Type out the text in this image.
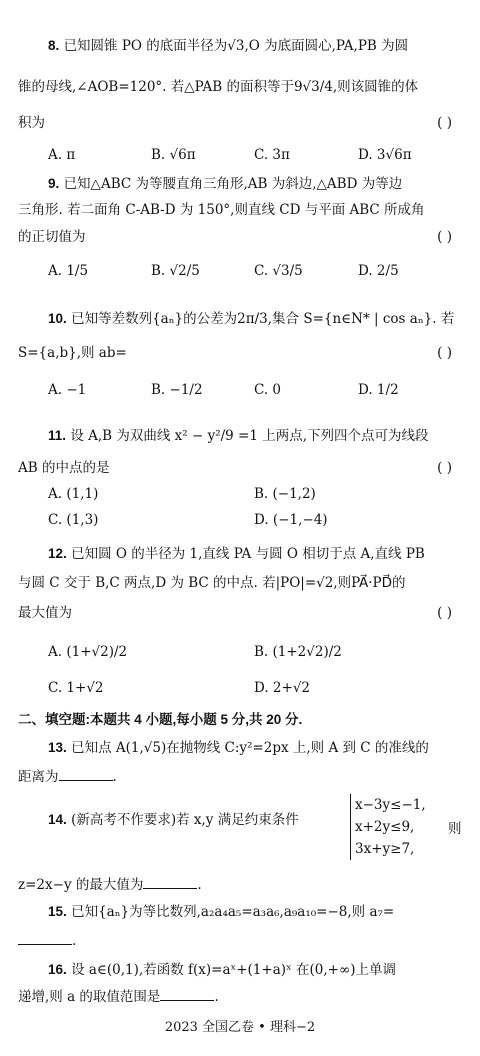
8. 已知圆锥 PO 的底面半径为√3,O 为底面圆心,PA,PB 为圆
锥的母线,∠AOB=120°. 若△PAB 的面积等于9√3/4,则该圆锥的体
积为	( )
A. π	B. √6π	C. 3π	D. 3√6π
9. 已知△ABC 为等腰直角三角形,AB 为斜边,△ABD 为等边
三角形. 若二面角 C-AB-D 为 150°,则直线 CD 与平面 ABC 所成角
的正切值为	( )
A. 1/5	B. √2/5	C. √3/5	D. 2/5
10. 已知等差数列{aₙ}的公差为2π/3,集合 S={n∈N* | cos aₙ}. 若
S={a,b},则 ab=	( )
A. −1	B. −1/2	C. 0	D. 1/2
11. 设 A,B 为双曲线 x² − y²/9 =1 上两点,下列四个点可为线段
AB 的中点的是	( )
A. (1,1)	B. (−1,2)
C. (1,3)	D. (−1,−4)
12. 已知圆 O 的半径为 1,直线 PA 与圆 O 相切于点 A,直线 PB
与圆 C 交于 B,C 两点,D 为 BC 的中点. 若|PO|=√2,则PA⃗·PD⃗的
最大值为	( )
A. (1+√2)/2	B. (1+2√2)/2
C. 1+√2	D. 2+√2
二、填空题:本题共 4 小题,每小题 5 分,共 20 分.
13. 已知点 A(1,√5)在抛物线 C:y²=2px 上,则 A 到 C 的准线的
距离为	.
14. (新高考不作要求)若 x,y 满足约束条件
x−3y≤−1,
x+2y≤9,
3x+y≥7,
则
z=2x−y 的最大值为	.
15. 已知{aₙ}为等比数列,a₂a₄a₅=a₃a₆,a₉a₁₀=−8,则 a₇=
.
16. 设 a∈(0,1),若函数 f(x)=aˣ+(1+a)ˣ 在(0,+∞)上单调
递增,则 a 的取值范围是	.
2023 全国乙卷 • 理科−2
